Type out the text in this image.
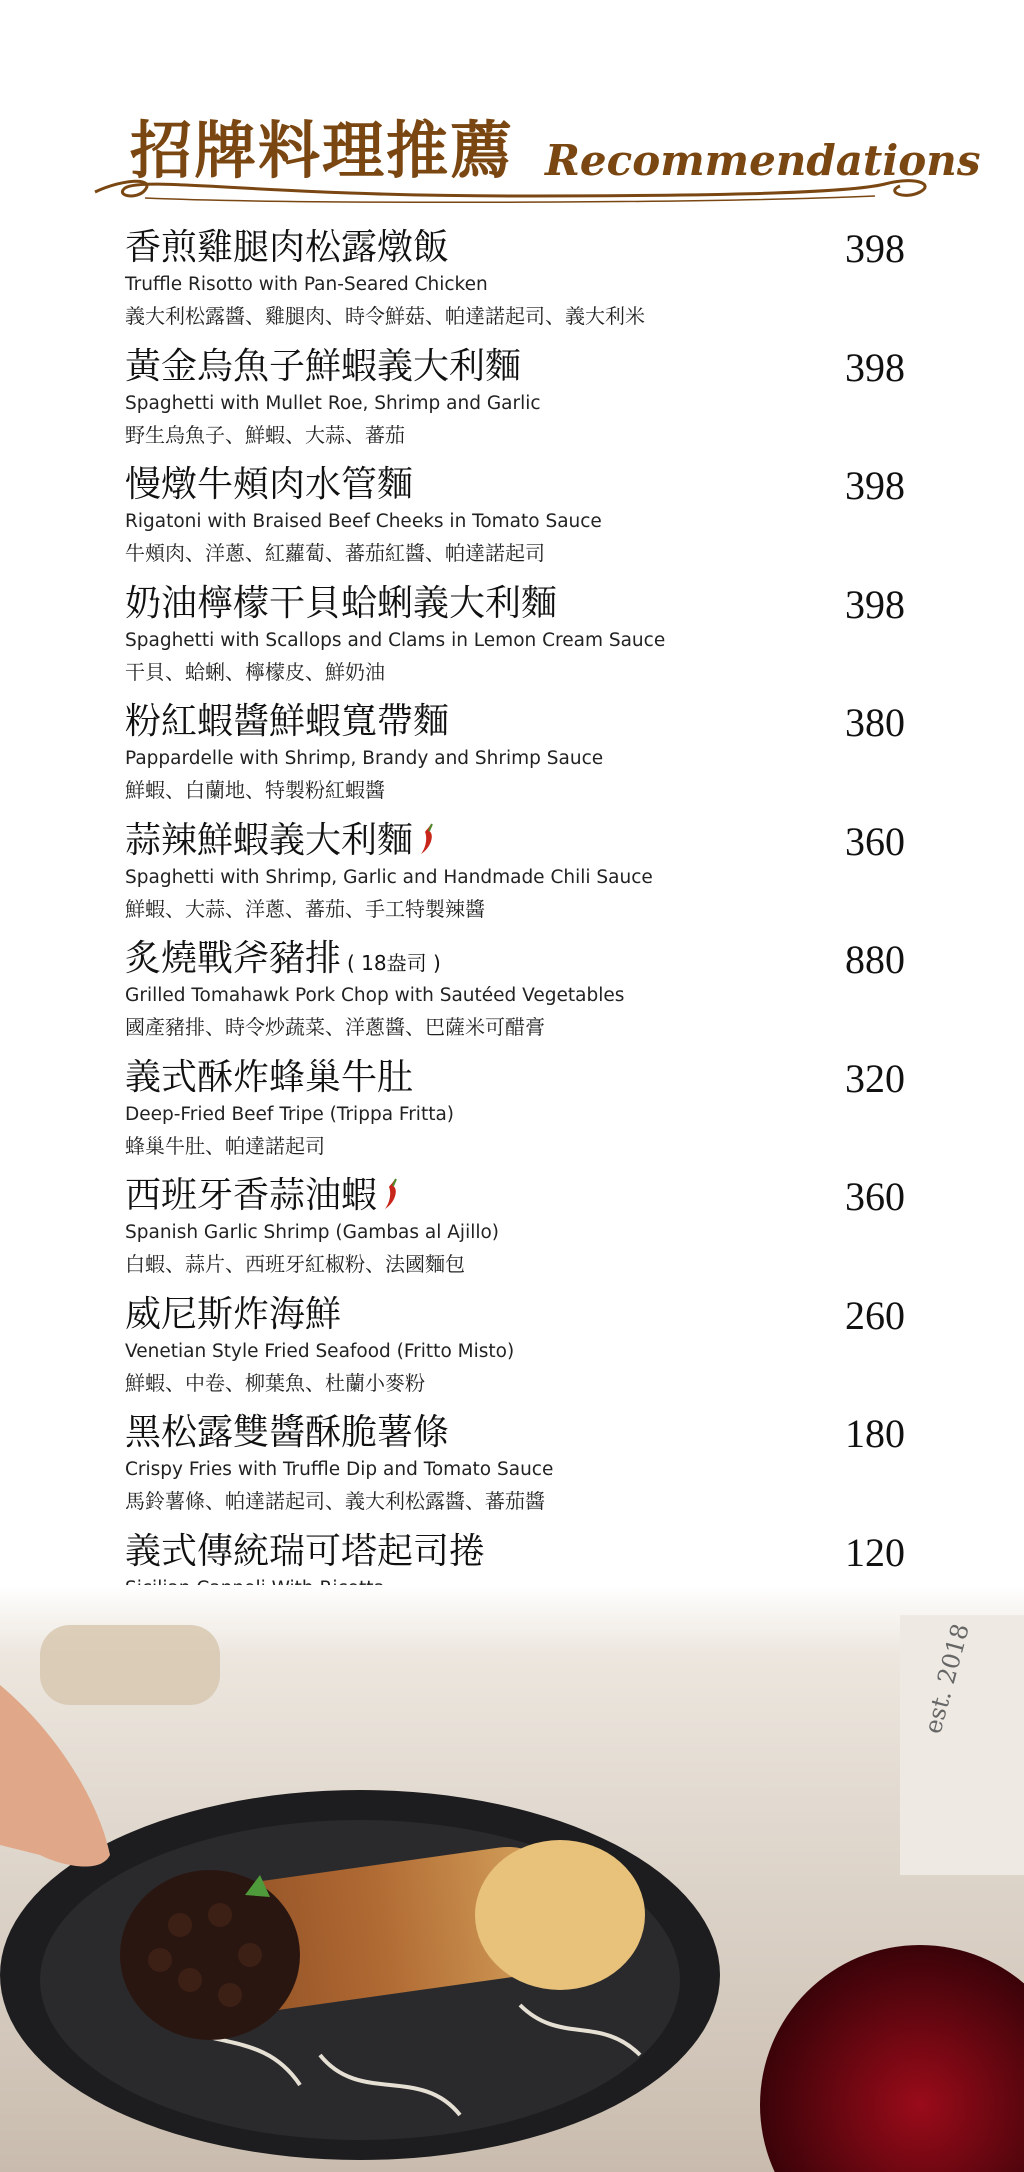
招牌料理推薦 Recommendations
香煎雞腿肉松露燉飯
Truffle Risotto with Pan-Seared Chicken
義大利松露醬、雞腿肉、時令鮮菇、帕達諾起司、義大利米
398
黃金烏魚子鮮蝦義大利麵
Spaghetti with Mullet Roe, Shrimp and Garlic
野生烏魚子、鮮蝦、大蒜、蕃茄
398
慢燉牛頰肉水管麵
Rigatoni with Braised Beef Cheeks in Tomato Sauce
牛頰肉、洋蔥、紅蘿蔔、蕃茄紅醬、帕達諾起司
398
奶油檸檬干貝蛤蜊義大利麵
Spaghetti with Scallops and Clams in Lemon Cream Sauce
干貝、蛤蜊、檸檬皮、鮮奶油
398
粉紅蝦醬鮮蝦寬帶麵
Pappardelle with Shrimp, Brandy and Shrimp Sauce
鮮蝦、白蘭地、特製粉紅蝦醬
380
蒜辣鮮蝦義大利麵
Spaghetti with Shrimp, Garlic and Handmade Chili Sauce
鮮蝦、大蒜、洋蔥、蕃茄、手工特製辣醬
360
炙燒戰斧豬排 ( 18盎司 )
Grilled Tomahawk Pork Chop with Sautéed Vegetables
國產豬排、時令炒蔬菜、洋蔥醬、巴薩米可醋膏
880
義式酥炸蜂巢牛肚
Deep-Fried Beef Tripe (Trippa Fritta)
蜂巢牛肚、帕達諾起司
320
西班牙香蒜油蝦
Spanish Garlic Shrimp (Gambas al Ajillo)
白蝦、蒜片、西班牙紅椒粉、法國麵包
360
威尼斯炸海鮮
Venetian Style Fried Seafood (Fritto Misto)
鮮蝦、中卷、柳葉魚、杜蘭小麥粉
260
黑松露雙醬酥脆薯條
Crispy Fries with Truffle Dip and Tomato Sauce
馬鈴薯條、帕達諾起司、義大利松露醬、蕃茄醬
180
義式傳統瑞可塔起司捲	120
est. 2018
